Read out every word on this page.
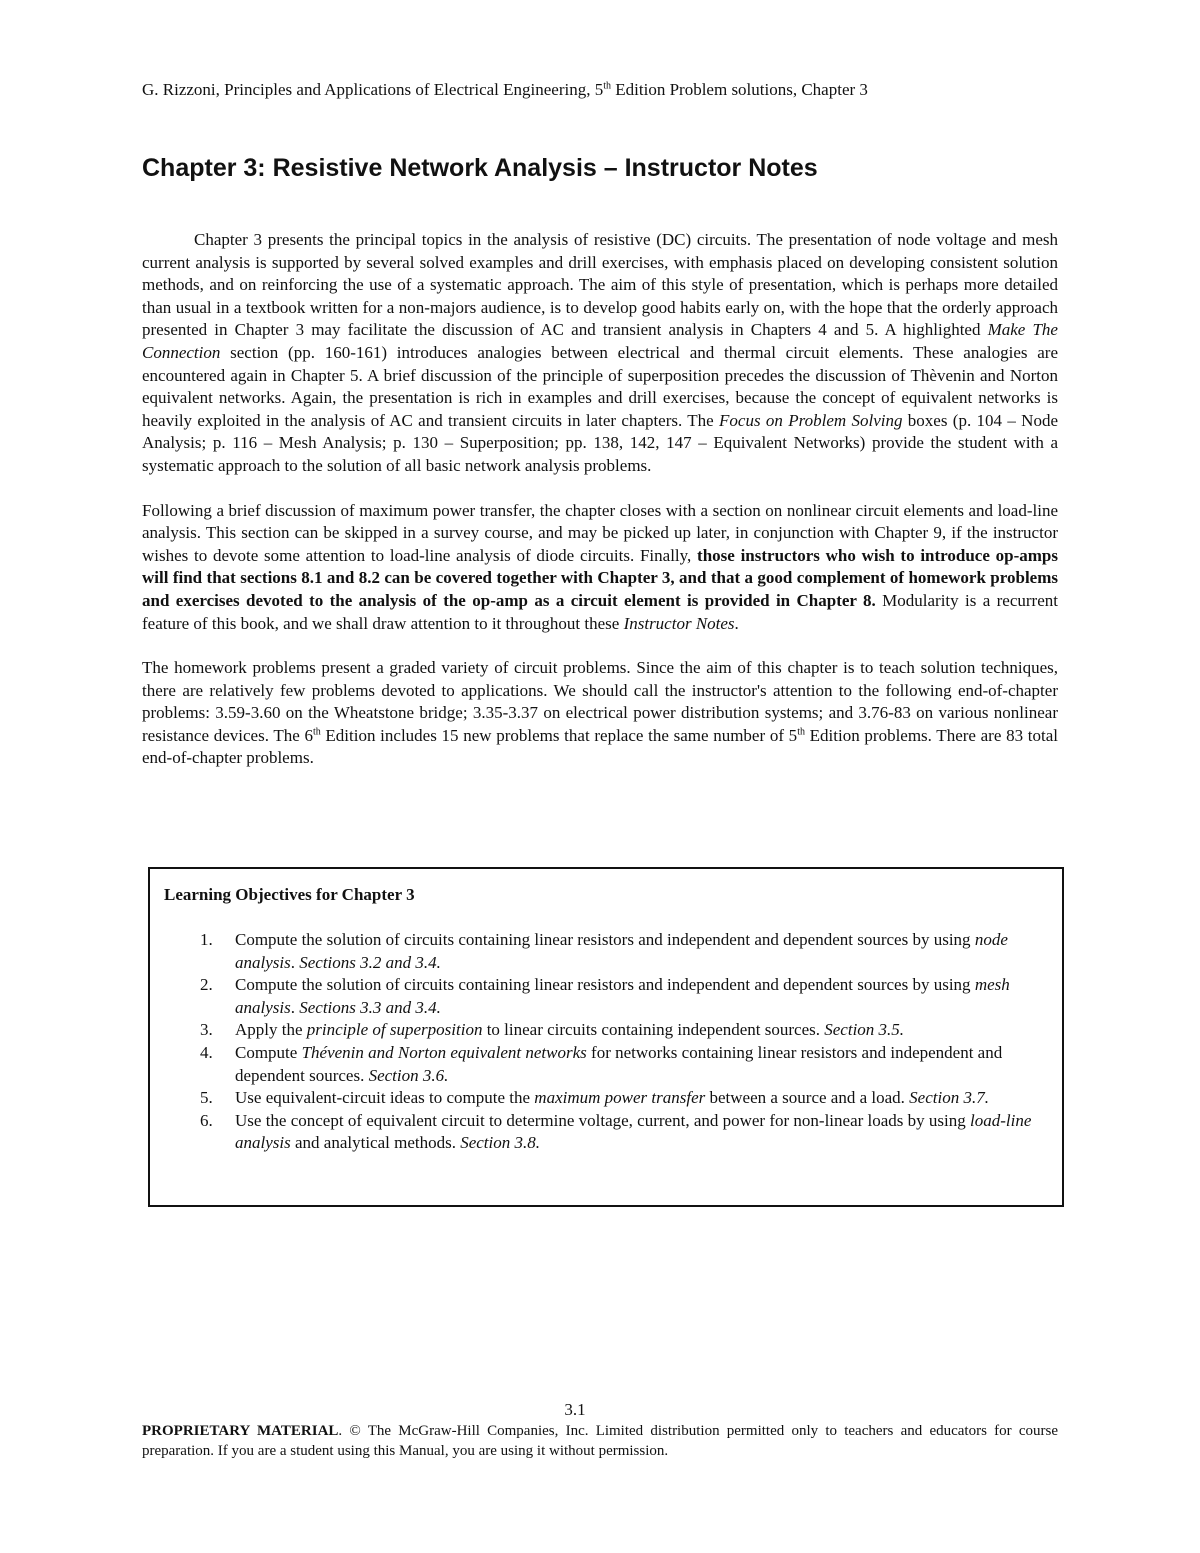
G. Rizzoni, Principles and Applications of Electrical Engineering, 5th Edition Problem solutions, Chapter 3
Chapter 3: Resistive Network Analysis – Instructor Notes

Chapter 3 presents the principal topics in the analysis of resistive (DC) circuits. The presentation of node voltage and mesh current analysis is supported by several solved examples and drill exercises, with emphasis placed on developing consistent solution methods, and on reinforcing the use of a systematic approach. The aim of this style of presentation, which is perhaps more detailed than usual in a textbook written for a non-majors audience, is to develop good habits early on, with the hope that the orderly approach presented in Chapter 3 may facilitate the discussion of AC and transient analysis in Chapters 4 and 5. A highlighted Make The Connection section (pp. 160-161) introduces analogies between electrical and thermal circuit elements. These analogies are encountered again in Chapter 5. A brief discussion of the principle of superposition precedes the discussion of Thèvenin and Norton equivalent networks. Again, the presentation is rich in examples and drill exercises, because the concept of equivalent networks is heavily exploited in the analysis of AC and transient circuits in later chapters. The Focus on Problem Solving boxes (p. 104 – Node Analysis; p. 116 – Mesh Analysis; p. 130 – Superposition; pp. 138, 142, 147 – Equivalent Networks) provide the student with a systematic approach to the solution of all basic network analysis problems.

Following a brief discussion of maximum power transfer, the chapter closes with a section on nonlinear circuit elements and load-line analysis. This section can be skipped in a survey course, and may be picked up later, in conjunction with Chapter 9, if the instructor wishes to devote some attention to load-line analysis of diode circuits. Finally, those instructors who wish to introduce op-amps will find that sections 8.1 and 8.2 can be covered together with Chapter 3, and that a good complement of homework problems and exercises devoted to the analysis of the op-amp as a circuit element is provided in Chapter 8. Modularity is a recurrent feature of this book, and we shall draw attention to it throughout these Instructor Notes.

The homework problems present a graded variety of circuit problems. Since the aim of this chapter is to teach solution techniques, there are relatively few problems devoted to applications. We should call the instructor's attention to the following end-of-chapter problems: 3.59-3.60 on the Wheatstone bridge; 3.35-3.37 on electrical power distribution systems; and 3.76-83 on various nonlinear resistance devices. The 6th Edition includes 15 new problems that replace the same number of 5th Edition problems. There are 83 total end-of-chapter problems.

Learning Objectives for Chapter 3

1. Compute the solution of circuits containing linear resistors and independent and dependent sources by using node analysis. Sections 3.2 and 3.4.
2. Compute the solution of circuits containing linear resistors and independent and dependent sources by using mesh analysis. Sections 3.3 and 3.4.
3. Apply the principle of superposition to linear circuits containing independent sources. Section 3.5.
4. Compute Thévenin and Norton equivalent networks for networks containing linear resistors and independent and dependent sources. Section 3.6.
5. Use equivalent-circuit ideas to compute the maximum power transfer between a source and a load. Section 3.7.
6. Use the concept of equivalent circuit to determine voltage, current, and power for non-linear loads by using load-line analysis and analytical methods. Section 3.8.
3.1
PROPRIETARY MATERIAL. © The McGraw-Hill Companies, Inc. Limited distribution permitted only to teachers and educators for course preparation. If you are a student using this Manual, you are using it without permission.
